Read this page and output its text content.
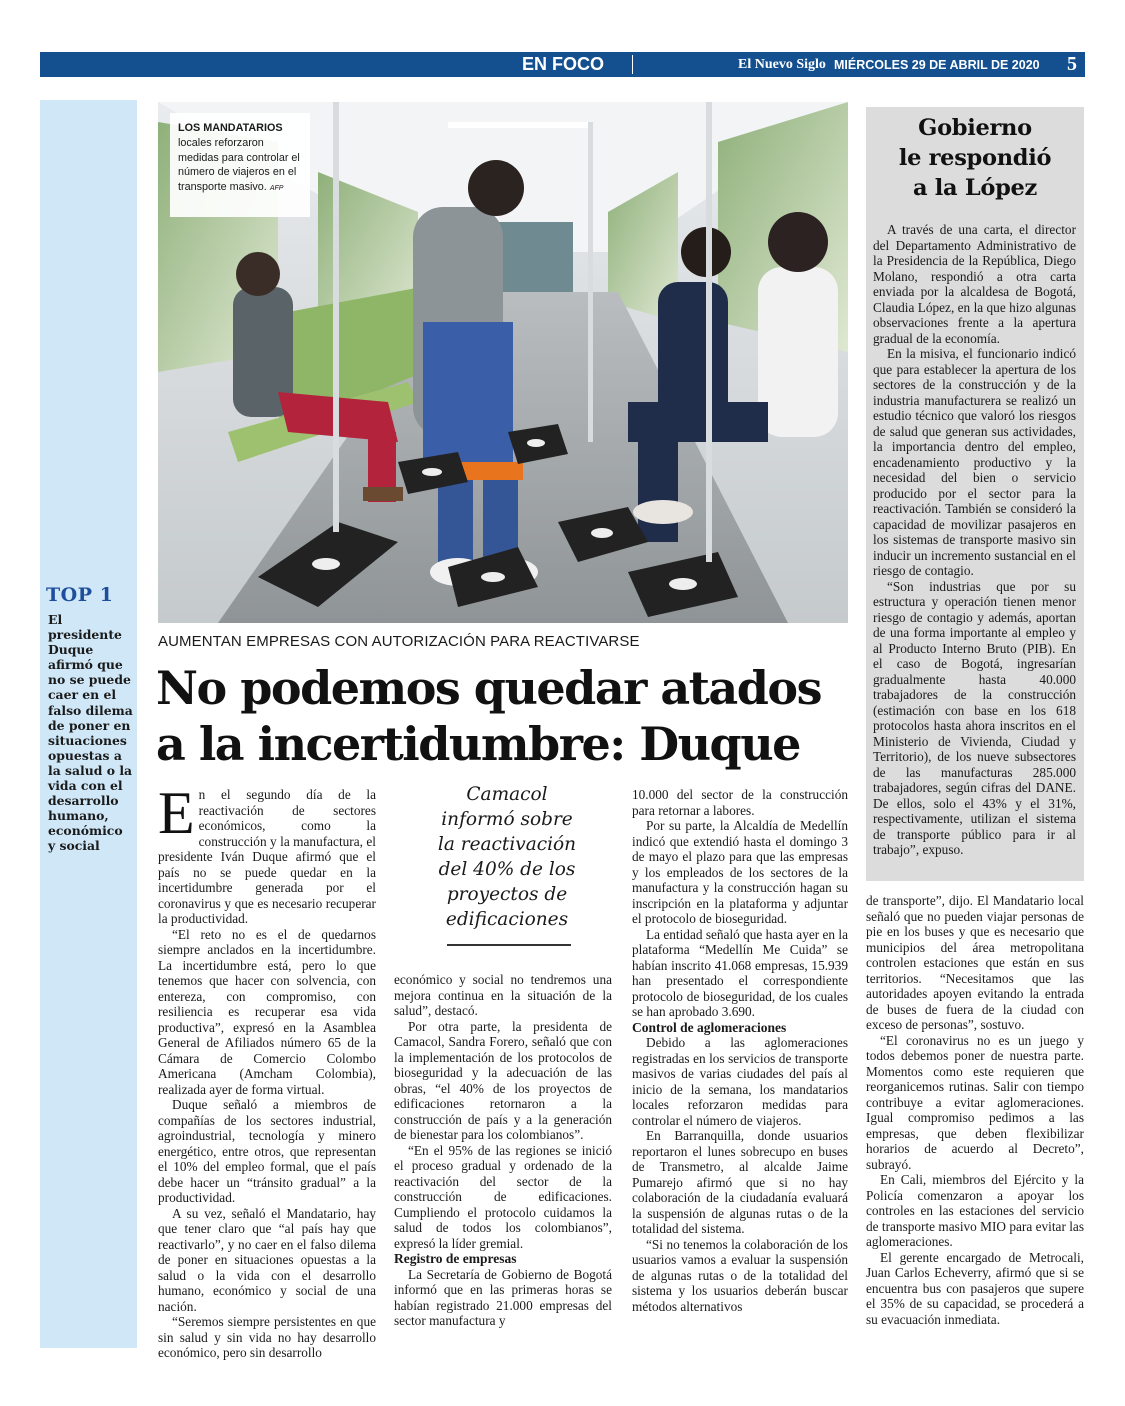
EN FOCO	El Nuevo Siglo MIÉRCOLES 29 DE ABRIL DE 2020	5
TOP 1
El presidente Duque afirmó que no se puede caer en el falso dilema de poner en situaciones opuestas a la salud o la vida con el desarrollo humano, económico y social
LOS MANDATARIOS
locales reforzaron medidas para controlar el número de viajeros en el transporte masivo. AFP
AUMENTAN EMPRESAS CON AUTORIZACIÓN PARA REACTIVARSE
No podemos quedar atados
a la incertidumbre: Duque

En el segundo día de la reactivación de sectores económicos, como la construcción y la manufactura, el presidente Iván Duque afirmó que el país no se puede quedar en la incertidumbre generada por el coronavirus y que es necesario recuperar la productividad.

“El reto no es el de quedarnos siempre anclados en la incertidumbre. La incertidumbre está, pero lo que tenemos que hacer con solvencia, con entereza, con compromiso, con resiliencia es recuperar esa vida productiva”, expresó en la Asamblea General de Afiliados número 65 de la Cámara de Comercio Colombo Americana (Amcham Colombia), realizada ayer de forma virtual.

Duque señaló a miembros de compañías de los sectores industrial, agroindustrial, tecnología y minero energético, entre otros, que representan el 10% del empleo formal, que el país debe hacer un “tránsito gradual” a la productividad.

A su vez, señaló el Mandatario, hay que tener claro que “al país hay que reactivarlo”, y no caer en el falso dilema de poner en situaciones opuestas a la salud o la vida con el desarrollo humano, económico y social de una nación.

“Seremos siempre persistentes en que sin salud y sin vida no hay desarrollo económico, pero sin desarrollo

Camacol informó sobre la reactivación del 40% de los proyectos de edificaciones

económico y social no tendremos una mejora continua en la situación de la salud”, destacó.

Por otra parte, la presidenta de Camacol, Sandra Forero, señaló que con la implementación de los protocolos de bioseguridad y la adecuación de las obras, “el 40% de los proyectos de edificaciones retornaron a la construcción de país y a la generación de bienestar para los colombianos”.

“En el 95% de las regiones se inició el proceso gradual y ordenado de la reactivación del sector de la construcción de edificaciones. Cumpliendo el protocolo cuidamos la salud de todos los colombianos”, expresó la líder gremial.

Registro de empresas

La Secretaría de Gobierno de Bogotá informó que en las primeras horas se habían registrado 21.000 empresas del sector manufactura y

10.000 del sector de la construcción para retornar a labores.

Por su parte, la Alcaldía de Medellín indicó que extendió hasta el domingo 3 de mayo el plazo para que las empresas y los empleados de los sectores de la manufactura y la construcción hagan su inscripción en la plataforma y adjuntar el protocolo de bioseguridad.

La entidad señaló que hasta ayer en la plataforma “Medellín Me Cuida” se habían inscrito 41.068 empresas, 15.939 han presentado el correspondiente protocolo de bioseguridad, de los cuales se han aprobado 3.690.

Control de aglomeraciones

Debido a las aglomeraciones registradas en los servicios de transporte masivos de varias ciudades del país al inicio de la semana, los mandatarios locales reforzaron medidas para controlar el número de viajeros.

En Barranquilla, donde usuarios reportaron el lunes sobrecupo en buses de Transmetro, al alcalde Jaime Pumarejo afirmó que si no hay colaboración de la ciudadanía evaluará la suspensión de algunas rutas o de la totalidad del sistema.

“Si no tenemos la colaboración de los usuarios vamos a evaluar la suspensión de algunas rutas o de la totalidad del sistema y los usuarios deberán buscar métodos alternativos

de transporte”, dijo. El Mandatario local señaló que no pueden viajar personas de pie en los buses y que es necesario que municipios del área metropolitana controlen estaciones que están en sus territorios. “Necesitamos que las autoridades apoyen evitando la entrada de buses de fuera de la ciudad con exceso de personas”, sostuvo.

“El coronavirus no es un juego y todos debemos poner de nuestra parte. Momentos como este requieren que reorganicemos rutinas. Salir con tiempo contribuye a evitar aglomeraciones. Igual compromiso pedimos a las empresas, que deben flexibilizar horarios de acuerdo al Decreto”, subrayó.

En Cali, miembros del Ejército y la Policía comenzaron a apoyar los controles en las estaciones del servicio de transporte masivo MIO para evitar las aglomeraciones.

El gerente encargado de Metrocali, Juan Carlos Echeverry, afirmó que si se encuentra bus con pasajeros que supere el 35% de su capacidad, se procederá a su evacuación inmediata.

Gobierno
le respondió
a la López

A través de una carta, el director del Departamento Administrativo de la Presidencia de la República, Diego Molano, respondió a otra carta enviada por la alcaldesa de Bogotá, Claudia López, en la que hizo algunas observaciones frente a la apertura gradual de la economía.

En la misiva, el funcionario indicó que para establecer la apertura de los sectores de la construcción y de la industria manufacturera se realizó un estudio técnico que valoró los riesgos de salud que generan sus actividades, la importancia dentro del empleo, encadenamiento productivo y la necesidad del bien o servicio producido por el sector para la reactivación. También se consideró la capacidad de movilizar pasajeros en los sistemas de transporte masivo sin inducir un incremento sustancial en el riesgo de contagio.

“Son industrias que por su estructura y operación tienen menor riesgo de contagio y además, aportan de una forma importante al empleo y al Producto Interno Bruto (PIB). En el caso de Bogotá, ingresarían gradualmente hasta 40.000 trabajadores de la construcción (estimación con base en los 618 protocolos hasta ahora inscritos en el Ministerio de Vivienda, Ciudad y Territorio), de los nueve subsectores de las manufacturas 285.000 trabajadores, según cifras del DANE. De ellos, solo el 43% y el 31%, respectivamente, utilizan el sistema de transporte público para ir al trabajo”, expuso.
